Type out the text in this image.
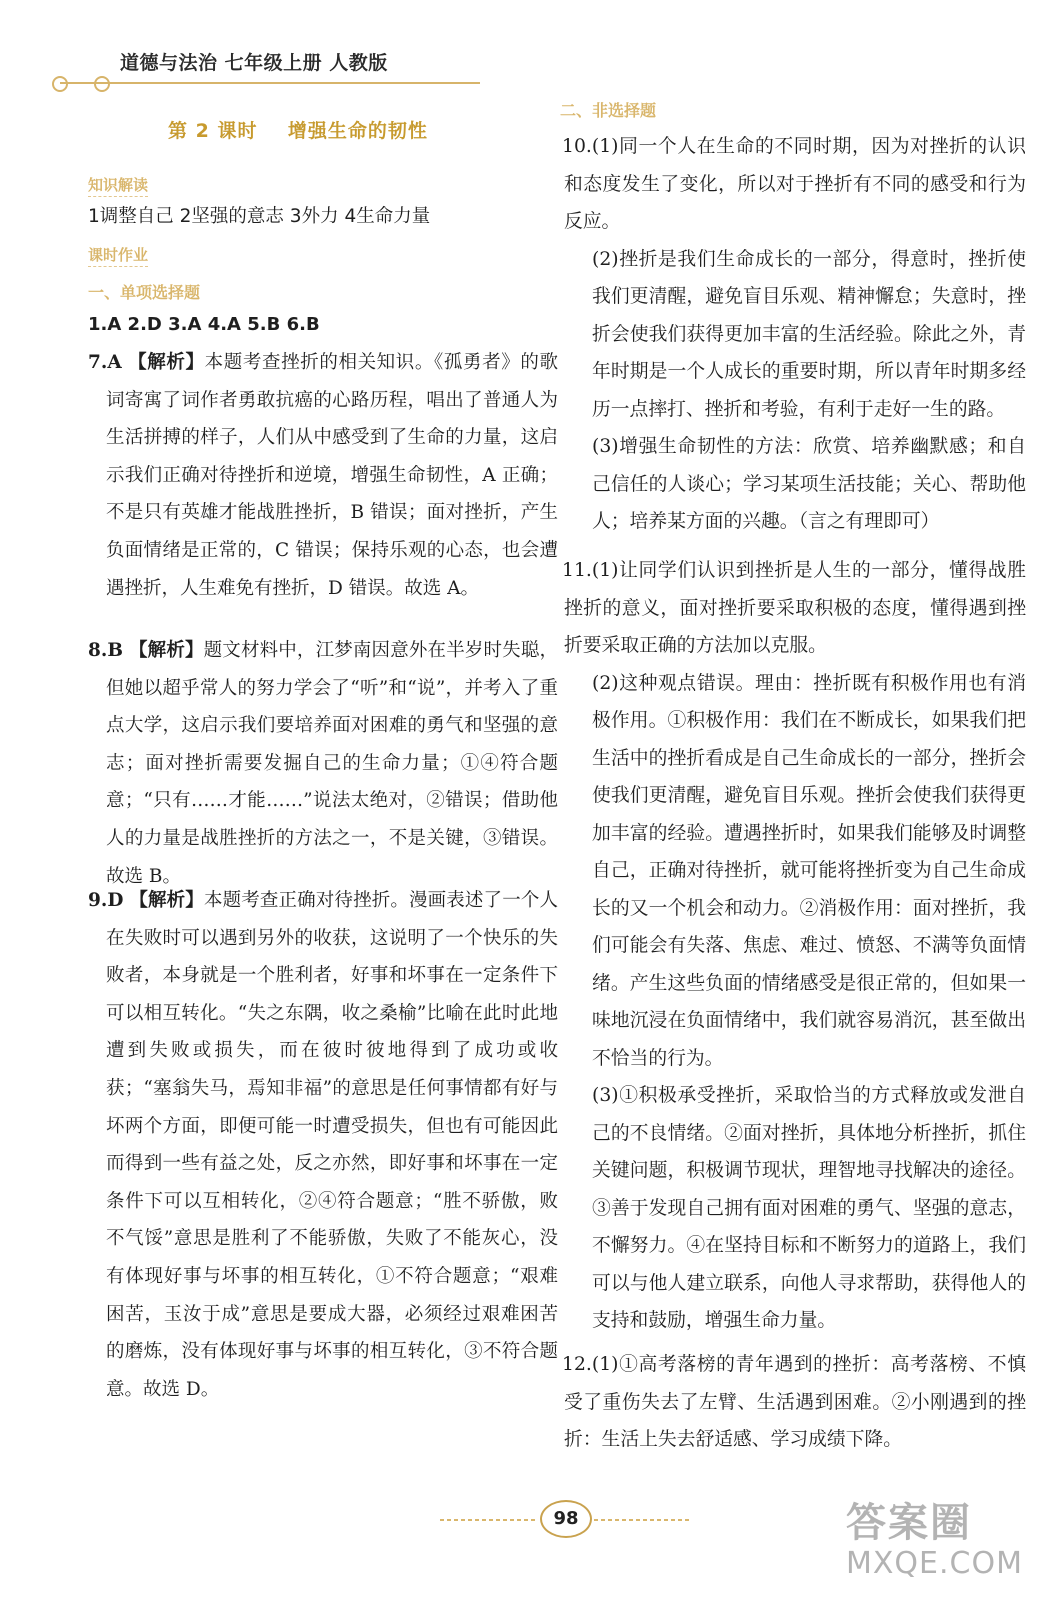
道德与法治 七年级上册 人教版
第 2 课时    增强生命的韧性
知识解读
1调整自己 2坚强的意志 3外力 4生命力量
课时作业
一、单项选择题
1.A 2.D 3.A 4.A 5.B 6.B
7.A 【解析】本题考查挫折的相关知识。《孤勇者》的歌词寄寓了词作者勇敢抗癌的心路历程，唱出了普通人为生活拼搏的样子，人们从中感受到了生命的力量，这启示我们正确对待挫折和逆境，增强生命韧性，A 正确；不是只有英雄才能战胜挫折，B 错误；面对挫折，产生负面情绪是正常的，C 错误；保持乐观的心态，也会遭遇挫折，人生难免有挫折，D 错误。故选 A。
8.B 【解析】题文材料中，江梦南因意外在半岁时失聪，但她以超乎常人的努力学会了“听”和“说”，并考入了重点大学，这启示我们要培养面对困难的勇气和坚强的意志；面对挫折需要发掘自己的生命力量；①④符合题意；“只有……才能……”说法太绝对，②错误；借助他人的力量是战胜挫折的方法之一，不是关键，③错误。故选 B。
9.D 【解析】本题考查正确对待挫折。漫画表述了一个人在失败时可以遇到另外的收获，这说明了一个快乐的失败者，本身就是一个胜利者，好事和坏事在一定条件下可以相互转化。“失之东隅，收之桑榆”比喻在此时此地遭到失败或损失，而在彼时彼地得到了成功或收获；“塞翁失马，焉知非福”的意思是任何事情都有好与坏两个方面，即便可能一时遭受损失，但也有可能因此而得到一些有益之处，反之亦然，即好事和坏事在一定条件下可以互相转化，②④符合题意；“胜不骄傲，败不气馁”意思是胜利了不能骄傲，失败了不能灰心，没有体现好事与坏事的相互转化，①不符合题意；“艰难困苦，玉汝于成”意思是要成大器，必须经过艰难困苦的磨炼，没有体现好事与坏事的相互转化，③不符合题意。故选 D。
二、非选择题

10.(1)同一个人在生命的不同时期，因为对挫折的认识和态度发生了变化，所以对于挫折有不同的感受和行为反应。

(2)挫折是我们生命成长的一部分，得意时，挫折使我们更清醒，避免盲目乐观、精神懈怠；失意时，挫折会使我们获得更加丰富的生活经验。除此之外，青年时期是一个人成长的重要时期，所以青年时期多经历一点摔打、挫折和考验，有利于走好一生的路。

(3)增强生命韧性的方法：欣赏、培养幽默感；和自己信任的人谈心；学习某项生活技能；关心、帮助他人；培养某方面的兴趣。（言之有理即可）

11.(1)让同学们认识到挫折是人生的一部分，懂得战胜挫折的意义，面对挫折要采取积极的态度，懂得遇到挫折要采取正确的方法加以克服。

(2)这种观点错误。理由：挫折既有积极作用也有消极作用。①积极作用：我们在不断成长，如果我们把生活中的挫折看成是自己生命成长的一部分，挫折会使我们更清醒，避免盲目乐观。挫折会使我们获得更加丰富的经验。遭遇挫折时，如果我们能够及时调整自己，正确对待挫折，就可能将挫折变为自己生命成长的又一个机会和动力。②消极作用：面对挫折，我们可能会有失落、焦虑、难过、愤怒、不满等负面情绪。产生这些负面的情绪感受是很正常的，但如果一味地沉浸在负面情绪中，我们就容易消沉，甚至做出不恰当的行为。

(3)①积极承受挫折，采取恰当的方式释放或发泄自己的不良情绪。②面对挫折，具体地分析挫折，抓住关键问题，积极调节现状，理智地寻找解决的途径。③善于发现自己拥有面对困难的勇气、坚强的意志，不懈努力。④在坚持目标和不断努力的道路上，我们可以与他人建立联系，向他人寻求帮助，获得他人的支持和鼓励，增强生命力量。

12.(1)①高考落榜的青年遇到的挫折：高考落榜、不慎受了重伤失去了左臂、生活遇到困难。②小刚遇到的挫折：生活上失去舒适感、学习成绩下降。

98	答案圈
MXQE.COM
